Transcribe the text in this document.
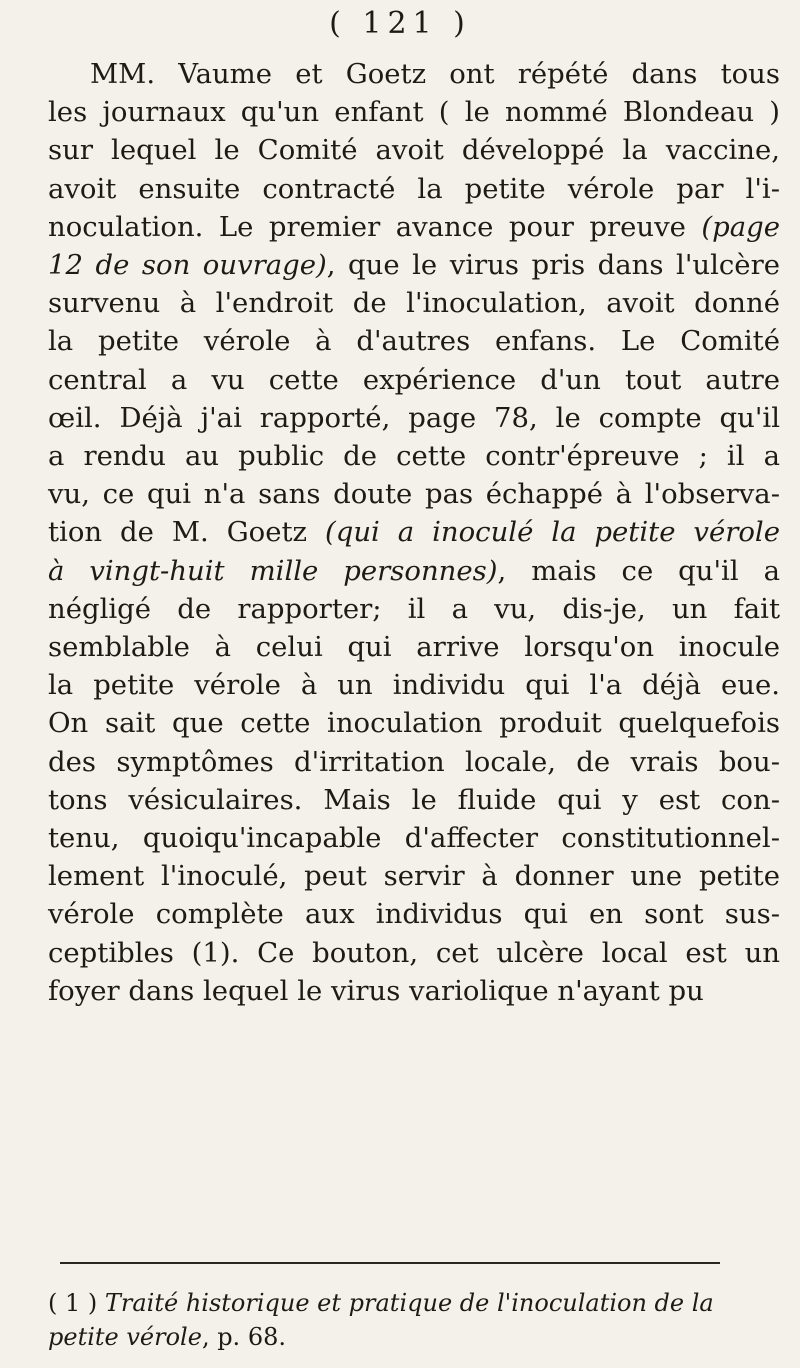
( 121 )
MM. Vaume et Goetz ont répété dans tous
les journaux qu'un enfant ( le nommé Blondeau )
sur lequel le Comité avoit développé la vaccine,
avoit ensuite contracté la petite vérole par l'i-
noculation. Le premier avance pour preuve (page
12 de son ouvrage), que le virus pris dans l'ulcère
survenu à l'endroit de l'inoculation, avoit donné
la petite vérole à d'autres enfans. Le Comité
central a vu cette expérience d'un tout autre
œil. Déjà j'ai rapporté, page 78, le compte qu'il
a rendu au public de cette contr'épreuve ; il a
vu, ce qui n'a sans doute pas échappé à l'observa-
tion de M. Goetz (qui a inoculé la petite vérole
à vingt-huit mille personnes), mais ce qu'il a
négligé de rapporter; il a vu, dis-je, un fait
semblable à celui qui arrive lorsqu'on inocule
la petite vérole à un individu qui l'a déjà eue.
On sait que cette inoculation produit quelquefois
des symptômes d'irritation locale, de vrais bou-
tons vésiculaires. Mais le fluide qui y est con-
tenu, quoiqu'incapable d'affecter constitutionnel-
lement l'inoculé, peut servir à donner une petite
vérole complète aux individus qui en sont sus-
ceptibles (1). Ce bouton, cet ulcère local est un
foyer dans lequel le virus variolique n'ayant pu
( 1 ) Traité historique et pratique de l'inoculation de la petite vérole, p. 68.
